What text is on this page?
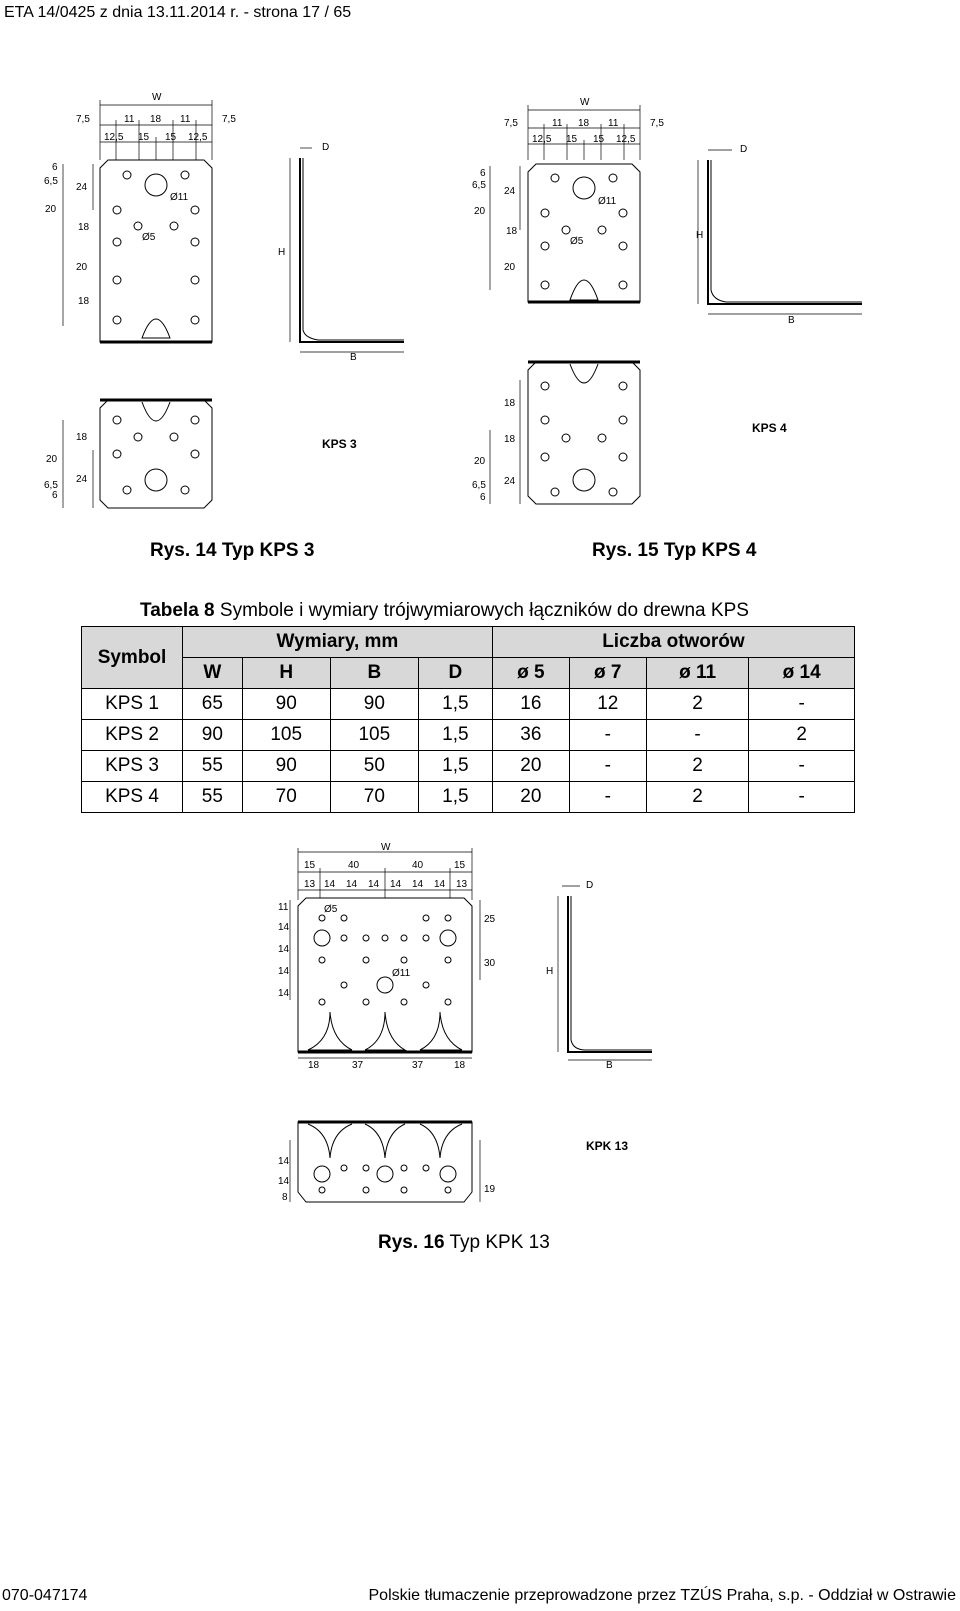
ETA 14/0425 z dnia 13.11.2014 r. - strona 17 / 65
W
7,5	11 18 11	7,5
12,5 15 15 12,5
6
6,5
24
20
18
20
18
Ø11
Ø5
D
H
B
18
20
6,5
24
6
KPS 3
W
7,5	11 18 11	7,5
12,5 15 15 12,5
6
6,5
24
20
18
20
Ø11
Ø5
D
H
B
18
18
20
6,5 24
6
KPS 4
Rys. 14 Typ KPS 3	Rys. 15 Typ KPS 4
Tabela 8 Symbole i wymiary trójwymiarowych łączników do drewna KPS
Symbol	Wymiary, mm				Liczba otworów			
	W	H	B	D	ø 5	ø 7	ø 11	ø 14
KPS 1	65	90	90	1,5	16	12	2	-
KPS 2	90	105	105	1,5	36	-	-	2
KPS 3	55	90	50	1,5	20	-	2	-
KPS 4	55	70	70	1,5	20	-	2	-
W
15	40	40	15
13 14 14 14 14 14 14 13
11
14
14
14
14
25
30
Ø5
Ø11
18	37	37	18
D
H
B
14
14
8
19
KPK 13
Rys. 16 Typ KPK 13
070-047174	Polskie tłumaczenie przeprowadzone przez TZÚS Praha, s.p. - Oddział w Ostrawie
